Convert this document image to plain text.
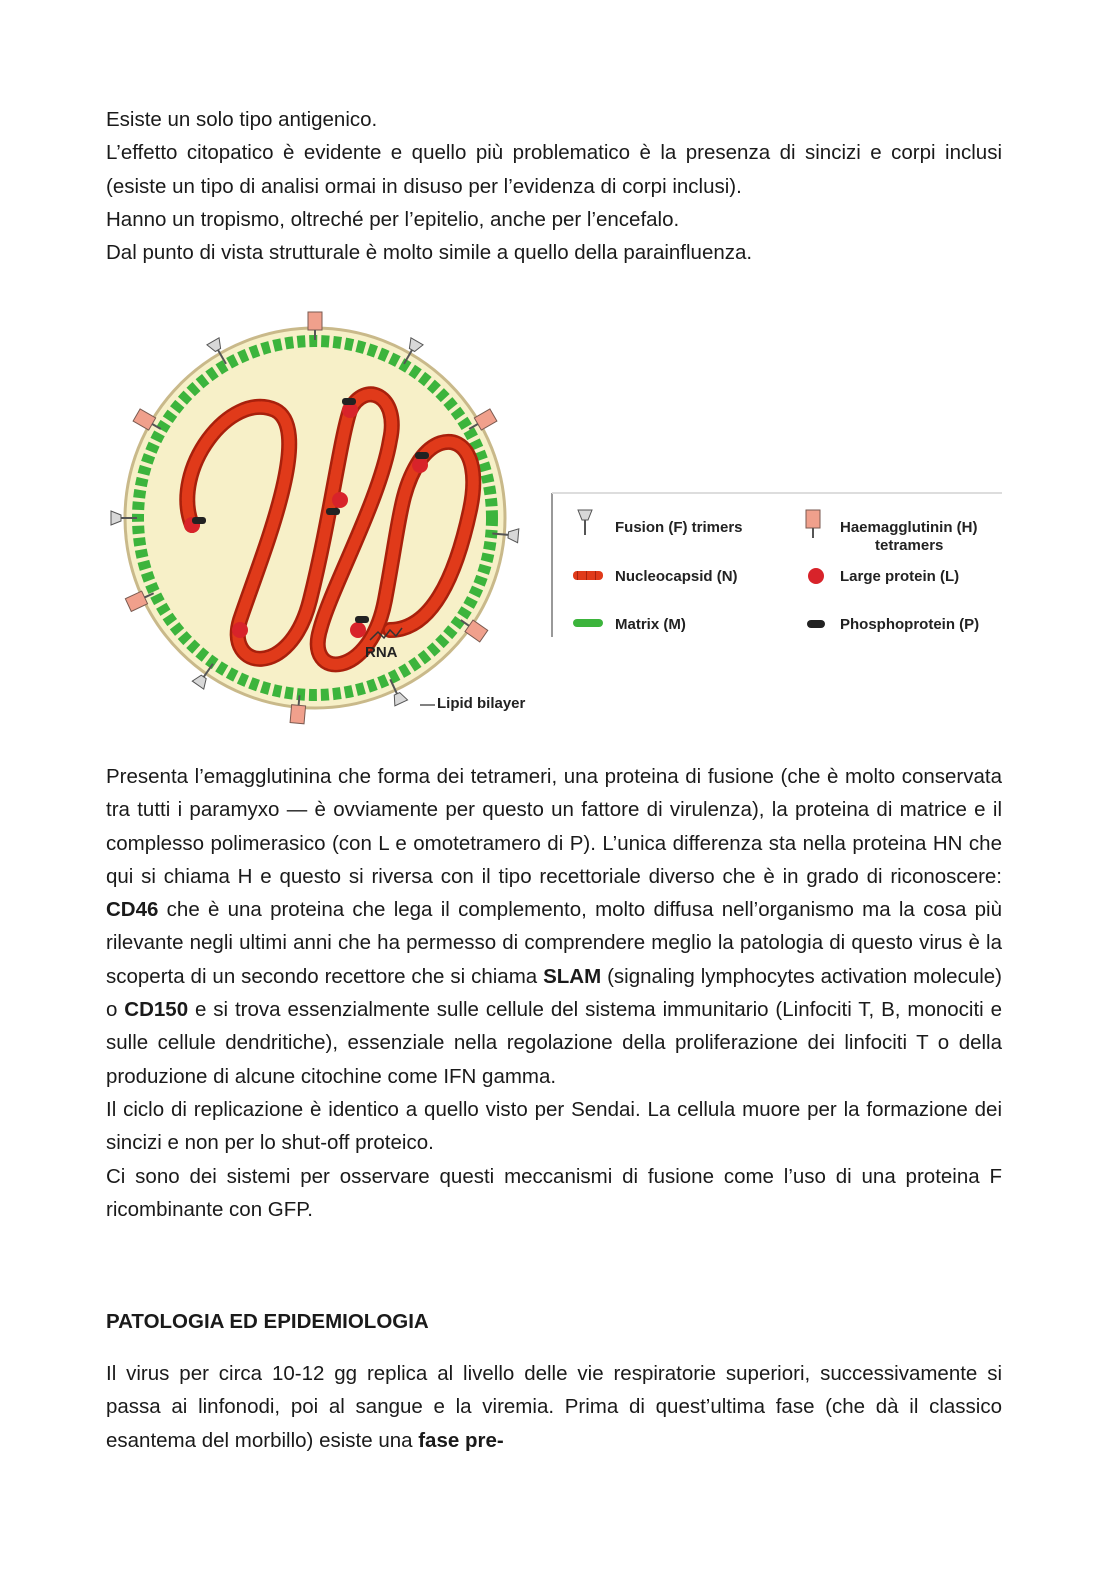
Esiste un solo tipo antigenico.

L’effetto citopatico è evidente e quello più problematico è la presenza di sincizi e corpi inclusi (esiste un tipo di analisi ormai in disuso per l’evidenza di corpi inclusi).

Hanno un tropismo, oltreché per l’epitelio, anche per l’encefalo.

Dal punto di vista strutturale è molto simile a quello della parainfluenza.

RNA
Lipid bilayer
Fusion (F) trimers	Haemagglutinin (H)
tetramers
Nucleocapsid (N)	Large protein (L)
Matrix (M)	Phosphoprotein (P)

Presenta l’emagglutinina che forma dei tetrameri, una proteina di fusione (che è molto conservata tra tutti i paramyxo — è ovviamente per questo un fattore di virulenza), la proteina di matrice e il complesso polimerasico (con L e omotetramero di P). L’unica differenza sta nella proteina HN che qui si chiama H e questo si riversa con il tipo recettoriale diverso che è in grado di riconoscere: CD46 che è una proteina che lega il complemento, molto diffusa nell’organismo ma la cosa più rilevante negli ultimi anni che ha permesso di comprendere meglio la patologia di questo virus è la scoperta di un secondo recettore che si chiama SLAM (signaling lymphocytes activation molecule) o CD150 e si trova essenzialmente sulle cellule del sistema immunitario (Linfociti T, B, monociti e sulle cellule dendritiche), essenziale nella regolazione della proliferazione dei linfociti T o della produzione di alcune citochine come IFN gamma.

Il ciclo di replicazione è identico a quello visto per Sendai. La cellula muore per la formazione dei sincizi e non per lo shut-off proteico.

Ci sono dei sistemi per osservare questi meccanismi di fusione come l’uso di una proteina F ricombinante con GFP.

PATOLOGIA ED EPIDEMIOLOGIA

Il virus per circa 10-12 gg replica al livello delle vie respiratorie superiori, successivamente si passa ai linfonodi, poi al sangue e la viremia. Prima di quest’ultima fase (che dà il classico esantema del morbillo) esiste una fase pre-
